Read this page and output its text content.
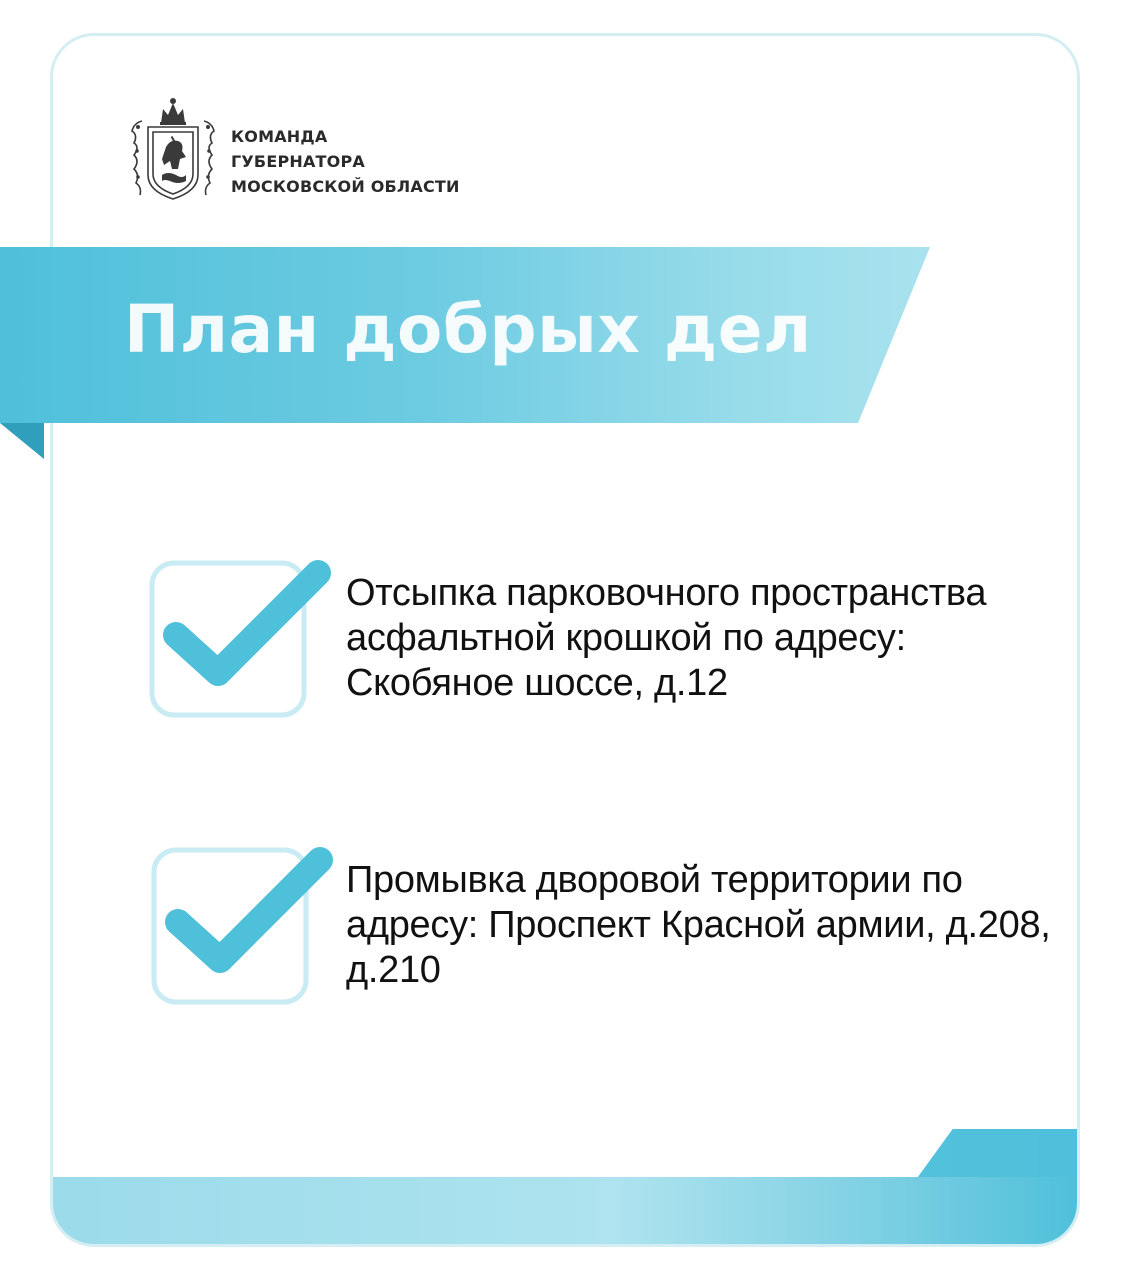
КОМАНДА
ГУБЕРНАТОРА
МОСКОВСКОЙ ОБЛАСТИ
План добрых дел

Отсыпка парковочного пространства асфальтной крошкой по адресу: Скобяное шоссе, д.12

Промывка дворовой территории по адресу: Проспект Красной армии, д.208, д.210
